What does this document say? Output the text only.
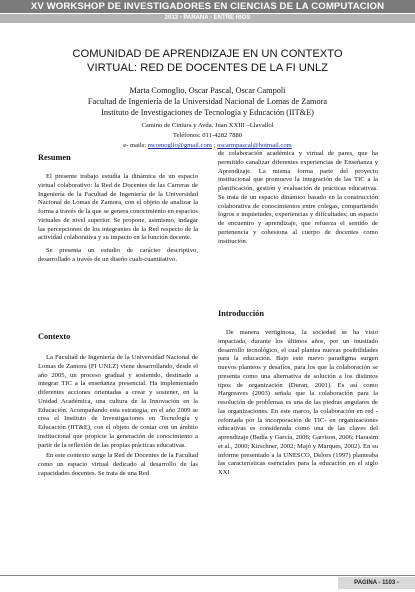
XV WORKSHOP DE INVESTIGADORES EN CIENCIAS DE LA COMPUTACION
2013 - PARANA - ENTRE RIOS
COMUNIDAD DE APRENDIZAJE EN UN CONTEXTO
VIRTUAL: RED DE DOCENTES DE LA FI UNLZ
Marta Comoglio, Oscar Pascal, Oscar Campoli
Facultad de Ingeniería de la Universidad Nacional de Lomas de Zamora
Instituto de Investigaciones de Tecnología y Educación (IIT&E)
Camino de Cintura y Avda. Juan XXIII –Llavallol
Teléfonos: 011-4282 7880
e- mails: mcomoglio@gmail.com ; oscarmpascal@hotmail.com
Resumen

El presente trabajo estudia la dinámica de un espacio virtual colaborativo: la Red de Docentes de las Carreras de Ingeniería de la Facultad de Ingeniería de la Universidad Nacional de Lomas de Zamora, con el objeto de analizar la forma a través de la que se genera conocimiento en espacios virtuales de nivel superior. Se propone, asimismo, indagar las percepciones de los integrantes de la Red respecto de la actividad colaborativa y su impacto en la función docente.

Se presenta un estudio de carácter descriptivo, desarrollado a través de un diseño cuali-cuantitativo.

Contexto

La Facultad de Ingeniería de la Universidad Nacional de Lomas de Zamora (FI UNLZ) viene desarrollando, desde el año 2005, un proceso gradual y sostenido, destinado a integrar TIC a la enseñanza presencial. Ha implementado diferentes acciones orientadas a crear y sostener, en la Unidad Académica, una cultura de la Innovación en la Educación. Acompañando esta estrategia, en el año 2009 se crea el Instituto de Investigaciones en Tecnología y Educación (IIT&E), con el objeto de contar con un ámbito institucional que propicie la generación de conocimiento a partir de la reflexión de las propias prácticas educativas.

En este contexto surge la Red de Docentes de la Facultad como un espacio virtual dedicado al desarrollo de las capacidades docentes. Se trata de una Red

de colaboración académica y virtual de pares, que ha permitido canalizar diferentes experiencias de Enseñanza y Aprendizaje. La misma forma parte del proyecto institucional que promueve la integración de las TIC a la planificación, gestión y evaluación de prácticas educativas. Se trata de un espacio dinámico basado en la construcción colaborativa de conocimientos entre colegas, compartiendo logros e inquietudes, experiencias y dificultades; un espacio de encuentro y aprendizaje, que refuerza el sentido de pertenencia y cohesiona al cuerpo de docentes como institución.

Introducción

De manera vertiginosa, la sociedad se ha visto impactada, durante los últimos años, por un inusitado desarrollo tecnológico, el cual plantea nuevas posibilidades para la educación. Bajo este nuevo paradigma surgen nuevos planteos y desafíos, para los que la colaboración se presenta como una alternativa de solución a los distintos tipos de organización (Duran, 2001). Es así como Hargreaves (2003) señala que la colaboración para la resolución de problemas es una de las piedras angulares de las organizaciones. En este marco, la colaboración en red -reforzada por la incorporación de TIC- en organizaciones educativas es considerada como una de las claves del aprendizaje (Badía y García, 2006; Garrison, 2006; Harasim et al., 2000; Kirschner, 2002; Majó y Marques, 2002). En su informe presentado a la UNESCO, Delors (1997) planteaba las características esenciales para la educación en el siglo XXI

PAGINA - 1103 -
